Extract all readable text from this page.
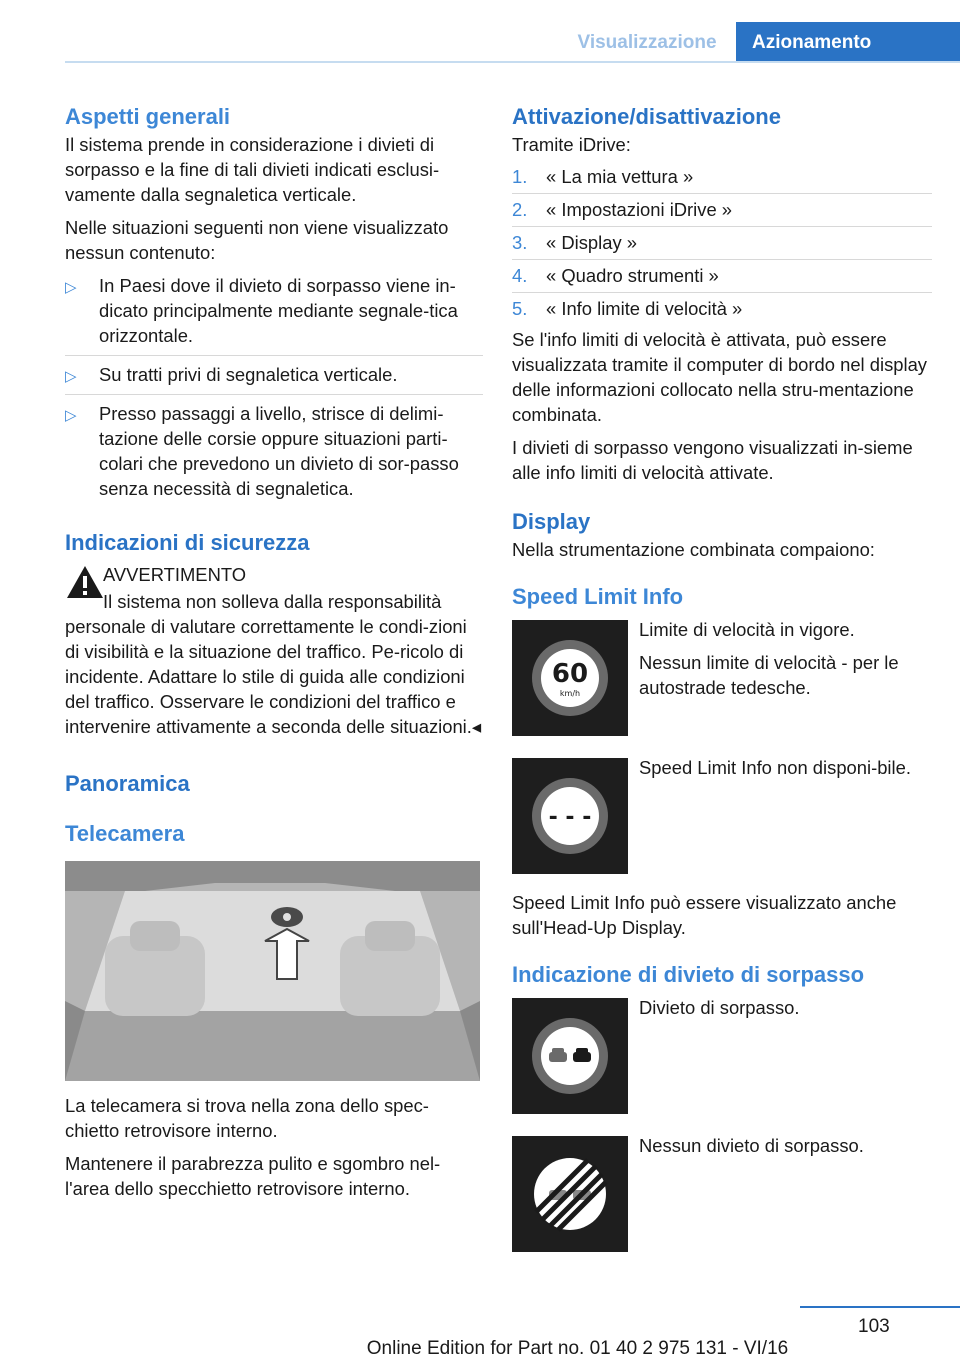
Visualizzazione	Azionamento
Aspetti generali

Il sistema prende in considerazione i divieti di sorpasso e la fine di tali divieti indicati esclusi-vamente dalla segnaletica verticale.

Nelle situazioni seguenti non viene visualizzato nessun contenuto:

▷ In Paesi dove il divieto di sorpasso viene in-dicato principalmente mediante segnale-tica orizzontale.
▷ Su tratti privi di segnaletica verticale.
▷ Presso passaggi a livello, strisce di delimi-tazione delle corsie oppure situazioni parti-colari che prevedono un divieto di sor-passo senza necessità di segnaletica.
Indicazioni di sicurezza

AVVERTIMENTO

Il sistema non solleva dalla responsabilità

personale di valutare correttamente le condi-zioni di visibilità e la situazione del traffico. Pe-ricolo di incidente. Adattare lo stile di guida alle condizioni del traffico. Osservare le condizioni del traffico e intervenire attivamente a seconda delle situazioni.◂

Panoramica
Telecamera

La telecamera si trova nella zona dello spec-chietto retrovisore interno.

Mantenere il parabrezza pulito e sgombro nel-l'area dello specchietto retrovisore interno.

Attivazione/disattivazione

Tramite iDrive:

1. « La mia vettura »
2. « Impostazioni iDrive »
3. « Display »
4. « Quadro strumenti »
5. « Info limite di velocità »

Se l'info limiti di velocità è attivata, può essere visualizzata tramite il computer di bordo nel display delle informazioni collocato nella stru-mentazione combinata.

I divieti di sorpasso vengono visualizzati in-sieme alle info limiti di velocità attivate.

Display

Nella strumentazione combinata compaiono:

Speed Limit Info
60
km/h

Limite di velocità in vigore.

Nessun limite di velocità - per le autostrade tedesche.

- - -

Speed Limit Info non disponi-bile.

Speed Limit Info può essere visualizzato anche sull'Head-Up Display.

Indicazione di divieto di sorpasso

Divieto di sorpasso.

Nessun divieto di sorpasso.

103
Online Edition for Part no. 01 40 2 975 131 - VI/16
